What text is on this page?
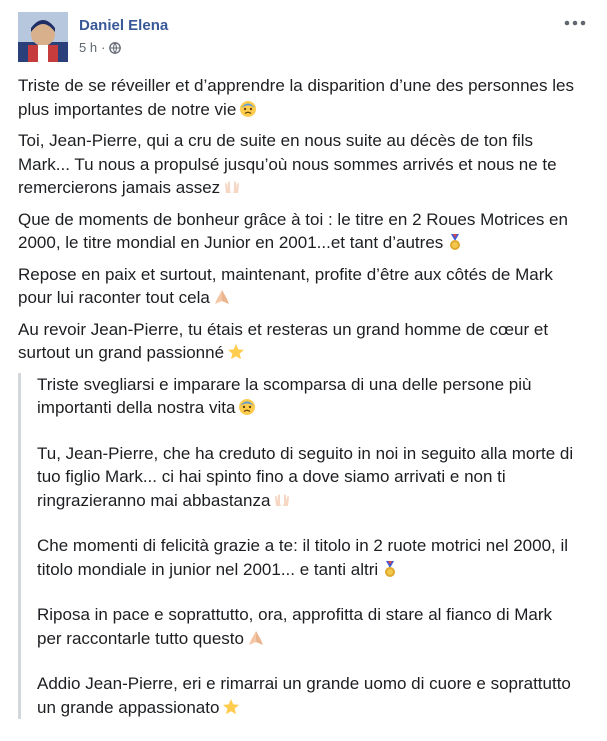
Daniel Elena
5 h ·

Triste de se réveiller et d’apprendre la disparition d’une des personnes les plus importantes de notre vie

Toi, Jean-Pierre, qui a cru de suite en nous suite au décès de ton fils Mark... Tu nous a propulsé jusqu’où nous sommes arrivés et nous ne te remercierons jamais assez

Que de moments de bonheur grâce à toi : le titre en 2 Roues Motrices en 2000, le titre mondial en Junior en 2001...et tant d’autres

Repose en paix et surtout, maintenant, profite d’être aux côtés de Mark pour lui raconter tout cela

Au revoir Jean-Pierre, tu étais et resteras un grand homme de cœur et surtout un grand passionné

Triste svegliarsi e imparare la scomparsa di una delle persone più importanti della nostra vita

Tu, Jean-Pierre, che ha creduto di seguito in noi in seguito alla morte di tuo figlio Mark... ci hai spinto fino a dove siamo arrivati e non ti ringrazieranno mai abbastanza

Che momenti di felicità grazie a te: il titolo in 2 ruote motrici nel 2000, il titolo mondiale in junior nel 2001... e tanti altri

Riposa in pace e soprattutto, ora, approfitta di stare al fianco di Mark per raccontarle tutto questo

Addio Jean-Pierre, eri e rimarrai un grande uomo di cuore e soprattutto un grande appassionato
